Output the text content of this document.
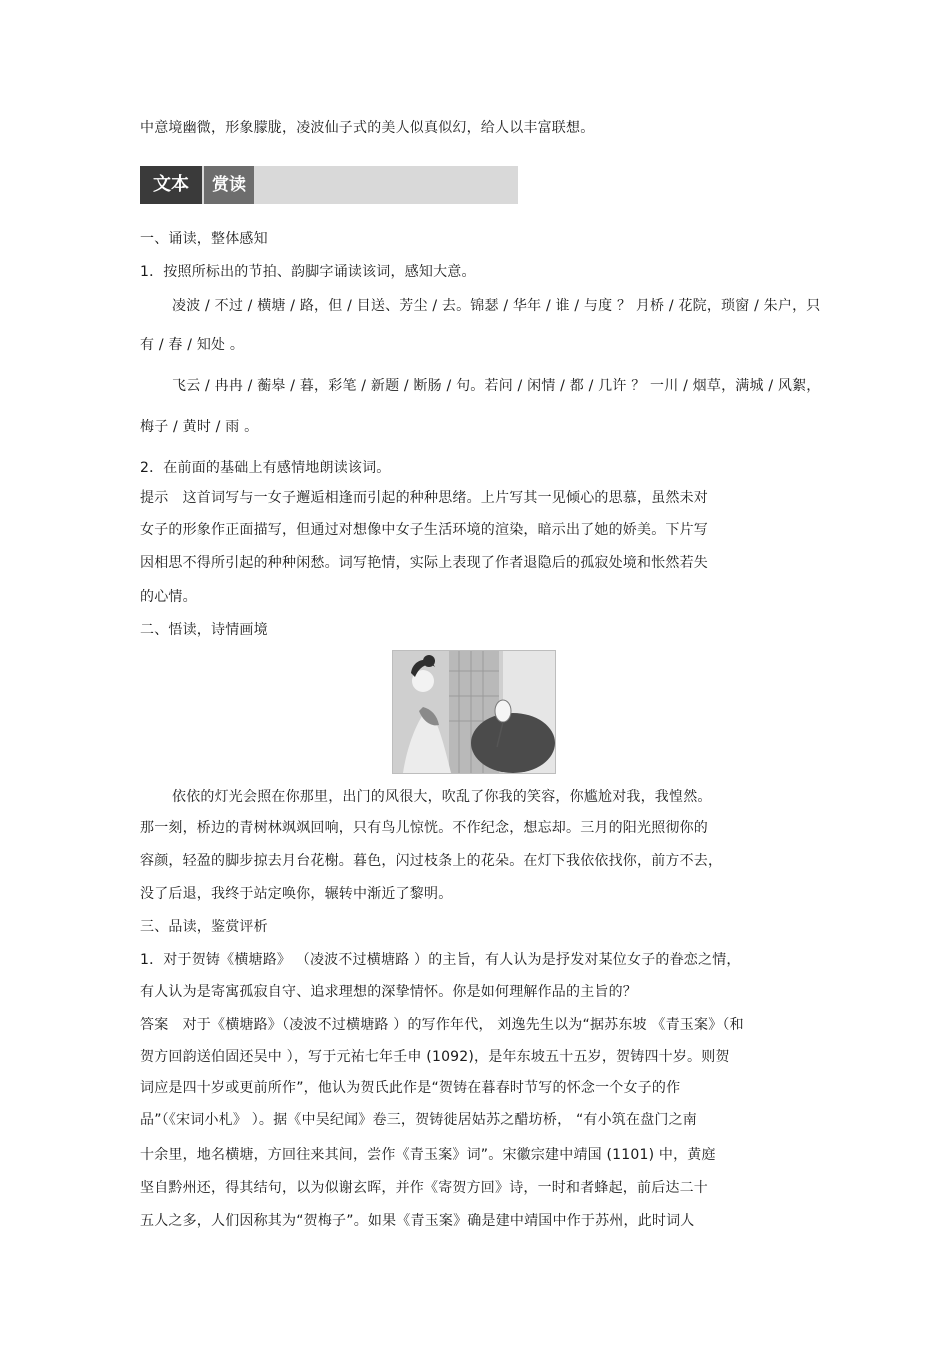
中意境幽微，形象朦胧，凌波仙子式的美人似真似幻，给人以丰富联想。
文本	赏读
一、诵读，整体感知
1．按照所标出的节拍、韵脚字诵读该词，感知大意。
凌波 / 不过 / 横塘 / 路，但 / 目送、芳尘 / 去。锦瑟 / 华年 / 谁 / 与度 ？ 月桥 / 花院，琐窗 / 朱户，只
有 / 春 / 知处 。
飞云 / 冉冉 / 蘅皋 / 暮，彩笔 / 新题 / 断肠 / 句。若问 / 闲情 / 都 / 几许 ？ 一川 / 烟草，满城 / 风絮，
梅子 / 黄时 / 雨 。
2．在前面的基础上有感情地朗读该词。
提示　这首词写与一女子邂逅相逢而引起的种种思绪。上片写其一见倾心的思慕，虽然未对
女子的形象作正面描写，但通过对想像中女子生活环境的渲染，暗示出了她的娇美。下片写
因相思不得所引起的种种闲愁。词写艳情，实际上表现了作者退隐后的孤寂处境和怅然若失
的心情。
二、悟读，诗情画境
依依的灯光会照在你那里，出门的风很大，吹乱了你我的笑容，你尴尬对我，我惶然。
那一刻，桥边的青树林飒飒回响，只有鸟儿惊恍。不作纪念，想忘却。三月的阳光照彻你的
容颜，轻盈的脚步掠去月台花榭。暮色，闪过枝条上的花朵。在灯下我依依找你，前方不去，
没了后退，我终于站定唤你，辗转中渐近了黎明。
三、品读，鉴赏评析
1．对于贺铸《横塘路》 （凌波不过横塘路 ）的主旨，有人认为是抒发对某位女子的眷恋之情，
有人认为是寄寓孤寂自守、追求理想的深挚情怀。你是如何理解作品的主旨的？
答案　对于《横塘路》（凌波不过横塘路 ）的写作年代， 刘逸先生以为“据苏东坡 《青玉案》（和
贺方回韵送伯固还吴中 ），写于元祐七年壬申 (1092)，是年东坡五十五岁，贺铸四十岁。则贺
词应是四十岁或更前所作”，他认为贺氏此作是“贺铸在暮春时节写的怀念一个女子的作
品”（《宋词小札》 ）。据《中吴纪闻》卷三，贺铸徙居姑苏之醋坊桥， “有小筑在盘门之南
十余里，地名横塘，方回往来其间，尝作《青玉案》词”。宋徽宗建中靖国 (1101) 中，黄庭
坚自黔州还，得其结句，以为似谢玄晖，并作《寄贺方回》诗，一时和者蜂起，前后达二十
五人之多，人们因称其为“贺梅子”。如果《青玉案》确是建中靖国中作于苏州，此时词人
